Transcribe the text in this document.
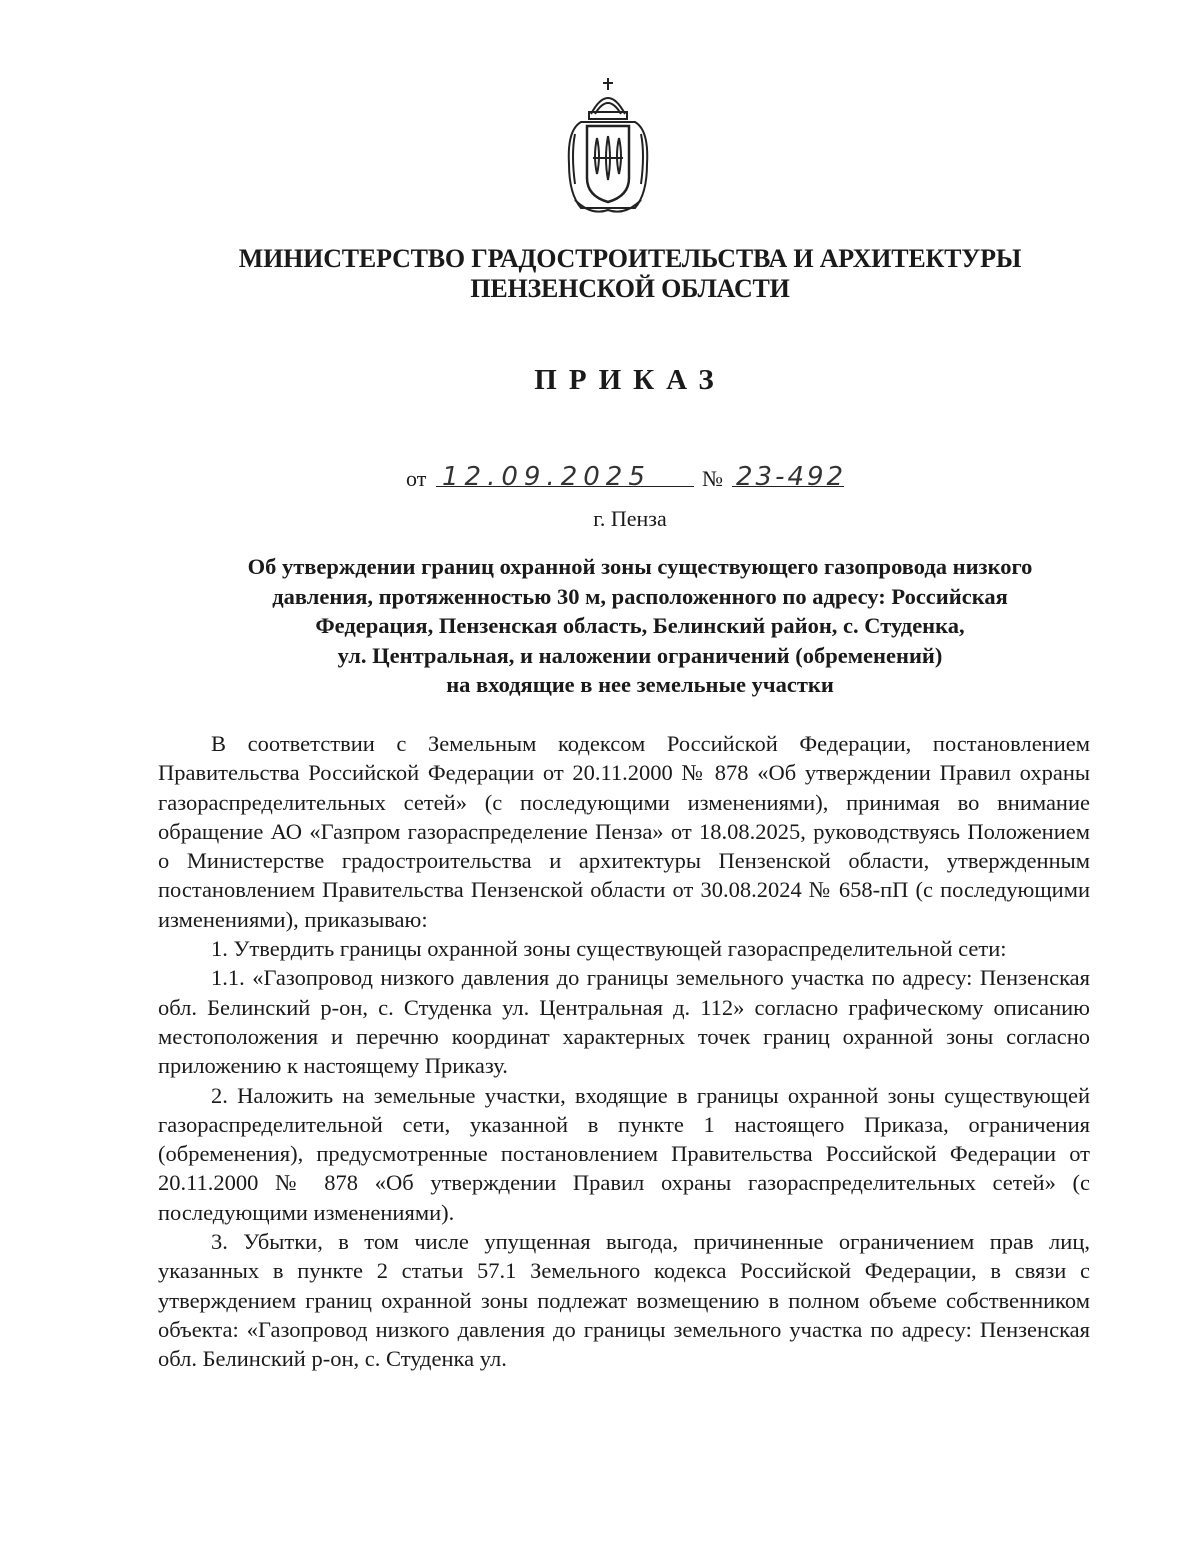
МИНИСТЕРСТВО ГРАДОСТРОИТЕЛЬСТВА И АРХИТЕКТУРЫ
ПЕНЗЕНСКОЙ ОБЛАСТИ
ПРИКАЗ
от 12.09.2025 № 23-492
г. Пенза
Об утверждении границ охранной зоны существующего газопровода низкого
давления, протяженностью 30 м, расположенного по адресу: Российская
Федерация, Пензенская область, Белинский район, с. Студенка,
ул. Центральная, и наложении ограничений (обременений)
на входящие в нее земельные участки

В соответствии с Земельным кодексом Российской Федерации, постановлением Правительства Российской Федерации от 20.11.2000 № 878 «Об утверждении Правил охраны газораспределительных сетей» (с последующими изменениями), принимая во внимание обращение АО «Газпром газораспределение Пенза» от 18.08.2025, руководствуясь Положением о Министерстве градостроительства и архитектуры Пензенской области, утвержденным постановлением Правительства Пензенской области от 30.08.2024 № 658-пП (с последующими изменениями), приказываю:

1. Утвердить границы охранной зоны существующей газораспределительной сети:

1.1. «Газопровод низкого давления до границы земельного участка по адресу: Пензенская обл. Белинский р-он, с. Студенка ул. Центральная д. 112» согласно графическому описанию местоположения и перечню координат характерных точек границ охранной зоны согласно приложению к настоящему Приказу.

2. Наложить на земельные участки, входящие в границы охранной зоны существующей газораспределительной сети, указанной в пункте 1 настоящего Приказа, ограничения (обременения), предусмотренные постановлением Правительства Российской Федерации от 20.11.2000 № 878 «Об утверждении Правил охраны газораспределительных сетей» (с последующими изменениями).

3. Убытки, в том числе упущенная выгода, причиненные ограничением прав лиц, указанных в пункте 2 статьи 57.1 Земельного кодекса Российской Федерации, в связи с утверждением границ охранной зоны подлежат возмещению в полном объеме собственником объекта: «Газопровод низкого давления до границы земельного участка по адресу: Пензенская обл. Белинский р-он, с. Студенка ул.
